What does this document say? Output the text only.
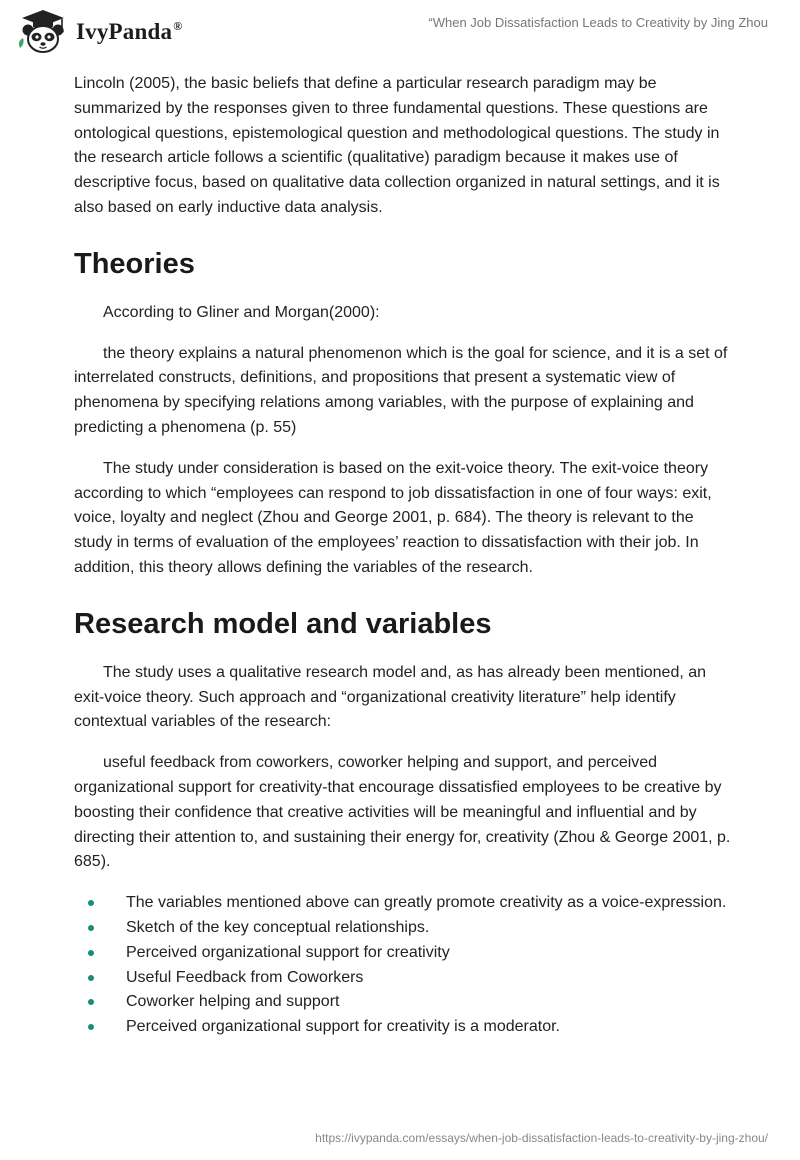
IvyPanda®	“When Job Dissatisfaction Leads to Creativity by Jing Zhou

Lincoln (2005), the basic beliefs that define a particular research paradigm may be summarized by the responses given to three fundamental questions. These questions are ontological questions, epistemological question and methodological questions. The study in the research article follows a scientific (qualitative) paradigm because it makes use of descriptive focus, based on qualitative data collection organized in natural settings, and it is also based on early inductive data analysis.

Theories

According to Gliner and Morgan(2000):

the theory explains a natural phenomenon which is the goal for science, and it is a set of interrelated constructs, definitions, and propositions that present a systematic view of phenomena by specifying relations among variables, with the purpose of explaining and predicting a phenomena (p. 55)

The study under consideration is based on the exit-voice theory. The exit-voice theory according to which “employees can respond to job dissatisfaction in one of four ways: exit, voice, loyalty and neglect (Zhou and George 2001, p. 684). The theory is relevant to the study in terms of evaluation of the employees’ reaction to dissatisfaction with their job. In addition, this theory allows defining the variables of the research.

Research model and variables

The study uses a qualitative research model and, as has already been mentioned, an exit-voice theory. Such approach and “organizational creativity literature” help identify contextual variables of the research:

useful feedback from coworkers, coworker helping and support, and perceived organizational support for creativity-that encourage dissatisfied employees to be creative by boosting their confidence that creative activities will be meaningful and influential and by directing their attention to, and sustaining their energy for, creativity (Zhou & George 2001, p. 685).

The variables mentioned above can greatly promote creativity as a voice-expression.
Sketch of the key conceptual relationships.
Perceived organizational support for creativity
Useful Feedback from Coworkers
Coworker helping and support
Perceived organizational support for creativity is a moderator.
https://ivypanda.com/essays/when-job-dissatisfaction-leads-to-creativity-by-jing-zhou/
